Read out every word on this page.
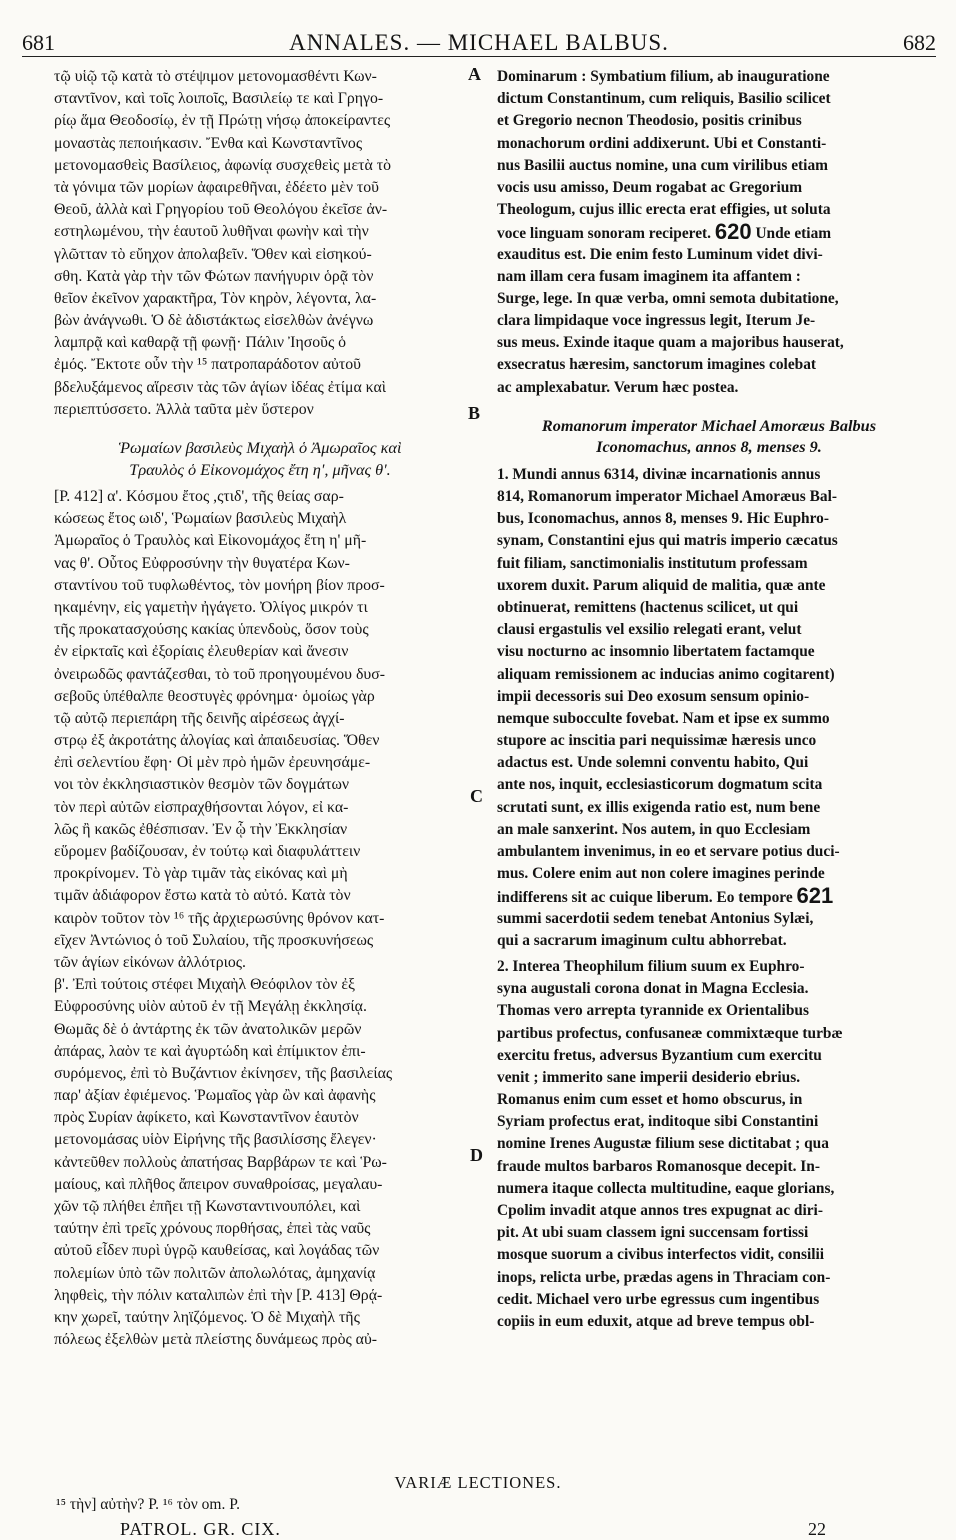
681	ANNALES. — MICHAEL BALBUS.	682
τῷ υἱῷ τῷ κατὰ τὸ στέψιμον μετονομασθέντι Κων-
σταντῖνον, καὶ τοῖς λοιποῖς, Βασιλείῳ τε καὶ Γρηγο-
ρίῳ ἅμα Θεοδοσίῳ, ἐν τῇ Πρώτῃ νήσῳ ἀποκείραντες
μοναστὰς πεποιήκασιν. Ἔνθα καὶ Κωνσταντῖνος
μετονομασθεὶς Βασίλειος, ἀφωνίᾳ συσχεθεὶς μετὰ τὸ
τὰ γόνιμα τῶν μορίων ἀφαιρεθῆναι, ἐδέετο μὲν τοῦ
Θεοῦ, ἀλλὰ καὶ Γρηγορίου τοῦ Θεολόγου ἐκεῖσε ἀν-
εστηλωμένου, τὴν ἑαυτοῦ λυθῆναι φωνὴν καὶ τὴν
γλῶτταν τὸ εὔηχον ἀπολαβεῖν. Ὅθεν καὶ εἰσηκού-
σθη. Κατὰ γὰρ τὴν τῶν Φώτων πανήγυριν ὁρᾷ τὸν
θεῖον ἐκεῖνον χαρακτῆρα, Τὸν κηρὸν, λέγοντα, λα-
βὼν ἀνάγνωθι. Ὁ δὲ ἀδιστάκτως εἰσελθὼν ἀνέγνω
λαμπρᾷ καὶ καθαρᾷ τῇ φωνῇ· Πάλιν Ἰησοῦς ὁ
ἐμός. Ἔκτοτε οὖν τὴν ¹⁵ πατροπαράδοτον αὐτοῦ
βδελυξάμενος αἵρεσιν τὰς τῶν ἁγίων ἰδέας ἐτίμα καὶ
περιεπτύσσετο. Ἀλλὰ ταῦτα μὲν ὕστερον
Ῥωμαίων βασιλεὺς Μιχαὴλ ὁ Ἀμωραῖος καὶ
Τραυλὸς ὁ Εἰκονομάχος ἔτη η', μῆνας θ'.
[P. 412] α'. Κόσμου ἔτος ,ςτιδ', τῆς θείας σαρ-
κώσεως ἔτος ωιδ', Ῥωμαίων βασιλεὺς Μιχαὴλ
Ἀμωραῖος ὁ Τραυλὸς καὶ Εἰκονομάχος ἔτη η' μῆ-
νας θ'. Οὗτος Εὐφροσύνην τὴν θυγατέρα Κων-
σταντίνου τοῦ τυφλωθέντος, τὸν μονήρη βίον προσ-
ηκαμένην, εἰς γαμετὴν ἠγάγετο. Ὀλίγος μικρόν τι
τῆς προκατασχούσης κακίας ὑπενδοὺς, ὅσον τοὺς
ἐν εἱρκταῖς καὶ ἐξορίαις ἐλευθερίαν καὶ ἄνεσιν
ὀνειρωδῶς φαντάζεσθαι, τὸ τοῦ προηγουμένου δυσ-
σεβοῦς ὑπέθαλπε θεοστυγὲς φρόνημα· ὁμοίως γὰρ
τῷ αὐτῷ περιεπάρη τῆς δεινῆς αἱρέσεως ἀγχί-
στρῳ ἐξ ἀκροτάτης ἀλογίας καὶ ἀπαιδευσίας. Ὅθεν
ἐπὶ σελεντίου ἔφη· Οἱ μὲν πρὸ ἡμῶν ἐρευνησάμε-
νοι τὸν ἐκκλησιαστικὸν θεσμὸν τῶν δογμάτων
τὸν περὶ αὐτῶν εἰσπραχθήσονται λόγον, εἰ κα-
λῶς ἢ κακῶς ἐθέσπισαν. Ἐν ᾧ τὴν Ἐκκλησίαν
εὕρομεν βαδίζουσαν, ἐν τούτῳ καὶ διαφυλάττειν
προκρίνομεν. Τὸ γὰρ τιμᾶν τὰς εἰκόνας καὶ μὴ
τιμᾶν ἀδιάφορον ἔστω κατὰ τὸ αὐτό. Κατὰ τὸν
καιρὸν τοῦτον τὸν ¹⁶ τῆς ἀρχιερωσύνης θρόνον κατ-
εῖχεν Ἀντώνιος ὁ τοῦ Συλαίου, τῆς προσκυνήσεως
τῶν ἁγίων εἰκόνων ἀλλότριος.
β'. Ἐπὶ τούτοις στέφει Μιχαὴλ Θεόφιλον τὸν ἐξ
Εὐφροσύνης υἱὸν αὐτοῦ ἐν τῇ Μεγάλῃ ἐκκλησίᾳ.
Θωμᾶς δὲ ὁ ἀντάρτης ἐκ τῶν ἀνατολικῶν μερῶν
ἀπάρας, λαὸν τε καὶ ἀγυρτώδη καὶ ἐπίμικτον ἐπι-
συρόμενος, ἐπὶ τὸ Βυζάντιον ἐκίνησεν, τῆς βασιλείας
παρ' ἀξίαν ἐφιέμενος. Ῥωμαῖος γὰρ ὢν καὶ ἀφανὴς
πρὸς Συρίαν ἀφίκετο, καὶ Κωνσταντῖνον ἑαυτὸν
μετονομάσας υἱὸν Εἰρήνης τῆς βασιλίσσης ἔλεγεν·
κἀντεῦθεν πολλοὺς ἀπατήσας Βαρβάρων τε καὶ Ῥω-
μαίους, καὶ πλῆθος ἄπειρον συναθροίσας, μεγαλαυ-
χῶν τῷ πλήθει ἐπῆει τῇ Κωνσταντινουπόλει, καὶ
ταύτην ἐπὶ τρεῖς χρόνους πορθήσας, ἐπεὶ τὰς ναῦς
αὐτοῦ εἶδεν πυρὶ ὑγρῷ καυθείσας, καὶ λογάδας τῶν
πολεμίων ὑπὸ τῶν πολιτῶν ἀπολωλότας, ἀμηχανίᾳ
ληφθεὶς, τὴν πόλιν καταλιπὼν ἐπὶ τὴν [P. 413] Θρᾴ-
κην χωρεῖ, ταύτην ληϊζόμενος. Ὁ δὲ Μιχαὴλ τῆς
πόλεως ἐξελθὼν μετὰ πλείστης δυνάμεως πρὸς αὐ-
Dominarum : Symbatium filium, ab inauguratione
dictum Constantinum, cum reliquis, Basilio scilicet
et Gregorio necnon Theodosio, positis crinibus
monachorum ordini addixerunt. Ubi et Constanti-
nus Basilii auctus nomine, una cum virilibus etiam
vocis usu amisso, Deum rogabat ac Gregorium
Theologum, cujus illic erecta erat effigies, ut soluta
voce linguam sonoram reciperet. 620 Unde etiam
exauditus est. Die enim festo Luminum videt divi-
nam illam cera fusam imaginem ita affantem :
Surge, lege. In quæ verba, omni semota dubitatione,
clara limpidaque voce ingressus legit, Iterum Je-
sus meus. Exinde itaque quam a majoribus hauserat,
exsecratus hæresim, sanctorum imagines colebat
ac amplexabatur. Verum hæc postea.
Romanorum imperator Michael Amoræus Balbus
Iconomachus, annos 8, menses 9.
1. Mundi annus 6314, divinæ incarnationis annus
814, Romanorum imperator Michael Amoræus Bal-
bus, Iconomachus, annos 8, menses 9. Hic Euphro-
synam, Constantini ejus qui matris imperio cæcatus
fuit filiam, sanctimonialis institutum professam
uxorem duxit. Parum aliquid de malitia, quæ ante
obtinuerat, remittens (hactenus scilicet, ut qui
clausi ergastulis vel exsilio relegati erant, velut
visu nocturno ac insomnio libertatem factamque
aliquam remissionem ac inducias animo cogitarent)
impii decessoris sui Deo exosum sensum opinio-
nemque subocculte fovebat. Nam et ipse ex summo
stupore ac inscitia pari nequissimæ hæresis unco
adactus est. Unde solemni conventu habito, Qui
ante nos, inquit, ecclesiasticorum dogmatum scita
scrutati sunt, ex illis exigenda ratio est, num bene
an male sanxerint. Nos autem, in quo Ecclesiam
ambulantem invenimus, in eo et servare potius duci-
mus. Colere enim aut non colere imagines perinde
indifferens sit ac cuique liberum. Eo tempore 621
summi sacerdotii sedem tenebat Antonius Sylæi,
qui a sacrarum imaginum cultu abhorrebat.
2. Interea Theophilum filium suum ex Euphro-
syna augustali corona donat in Magna Ecclesia.
Thomas vero arrepta tyrannide ex Orientalibus
partibus profectus, confusaneæ commixtæque turbæ
exercitu fretus, adversus Byzantium cum exercitu
venit ; immerito sane imperii desiderio ebrius.
Romanus enim cum esset et homo obscurus, in
Syriam profectus erat, inditoque sibi Constantini
nomine Irenes Augustæ filium sese dictitabat ; qua
fraude multos barbaros Romanosque decepit. In-
numera itaque collecta multitudine, eaque glorians,
Cpolim invadit atque annos tres expugnat ac diri-
pit. At ubi suam classem igni succensam fortissi
mosque suorum a civibus interfectos vidit, consilii
inops, relicta urbe, prædas agens in Thraciam con-
cedit. Michael vero urbe egressus cum ingentibus
copiis in eum eduxit, atque ad breve tempus obl-
A
B
C
D
VARIÆ LECTIONES.
¹⁵ τὴν] αὐτὴν? P. ¹⁶ τὸν om. P.
PATROL. GR. CIX.	22
